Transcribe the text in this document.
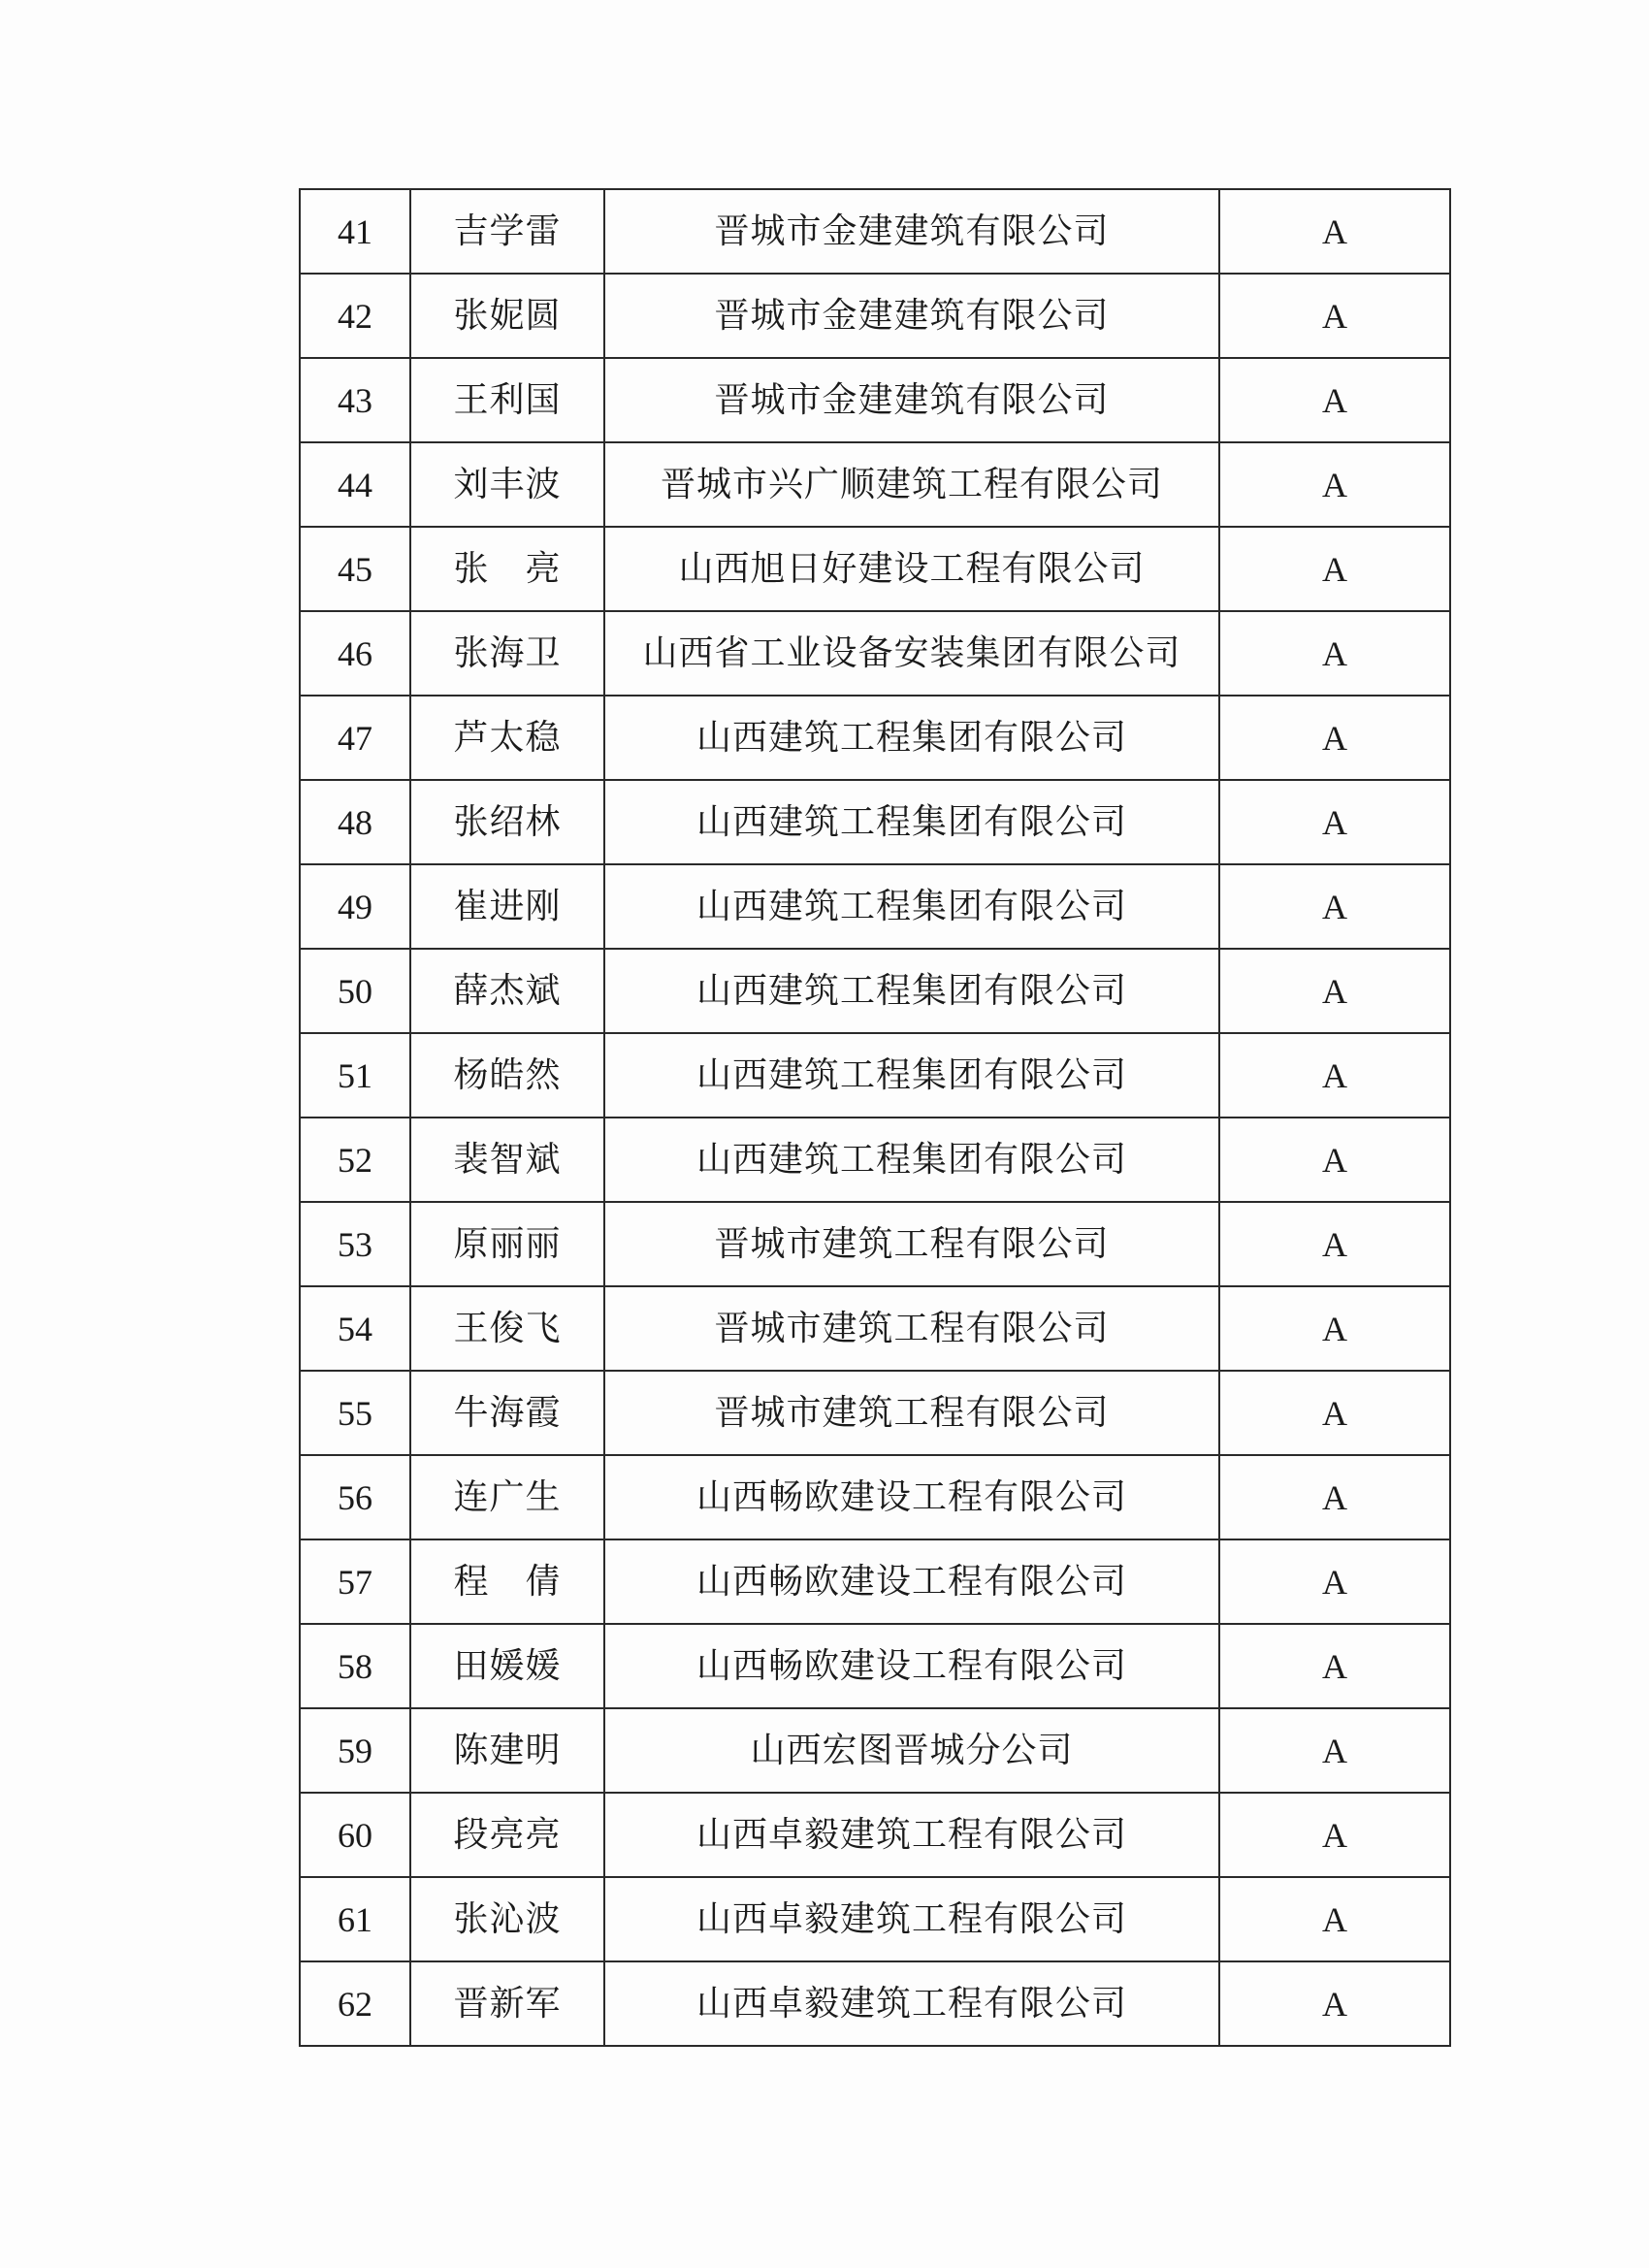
41	吉学雷	晋城市金建建筑有限公司	A
42	张妮圆	晋城市金建建筑有限公司	A
43	王利国	晋城市金建建筑有限公司	A
44	刘丰波	晋城市兴广顺建筑工程有限公司	A
45	张　亮	山西旭日好建设工程有限公司	A
46	张海卫	山西省工业设备安装集团有限公司	A
47	芦太稳	山西建筑工程集团有限公司	A
48	张绍林	山西建筑工程集团有限公司	A
49	崔进刚	山西建筑工程集团有限公司	A
50	薛杰斌	山西建筑工程集团有限公司	A
51	杨皓然	山西建筑工程集团有限公司	A
52	裴智斌	山西建筑工程集团有限公司	A
53	原丽丽	晋城市建筑工程有限公司	A
54	王俊飞	晋城市建筑工程有限公司	A
55	牛海霞	晋城市建筑工程有限公司	A
56	连广生	山西畅欧建设工程有限公司	A
57	程　倩	山西畅欧建设工程有限公司	A
58	田媛媛	山西畅欧建设工程有限公司	A
59	陈建明	山西宏图晋城分公司	A
60	段亮亮	山西卓毅建筑工程有限公司	A
61	张沁波	山西卓毅建筑工程有限公司	A
62	晋新军	山西卓毅建筑工程有限公司	A
